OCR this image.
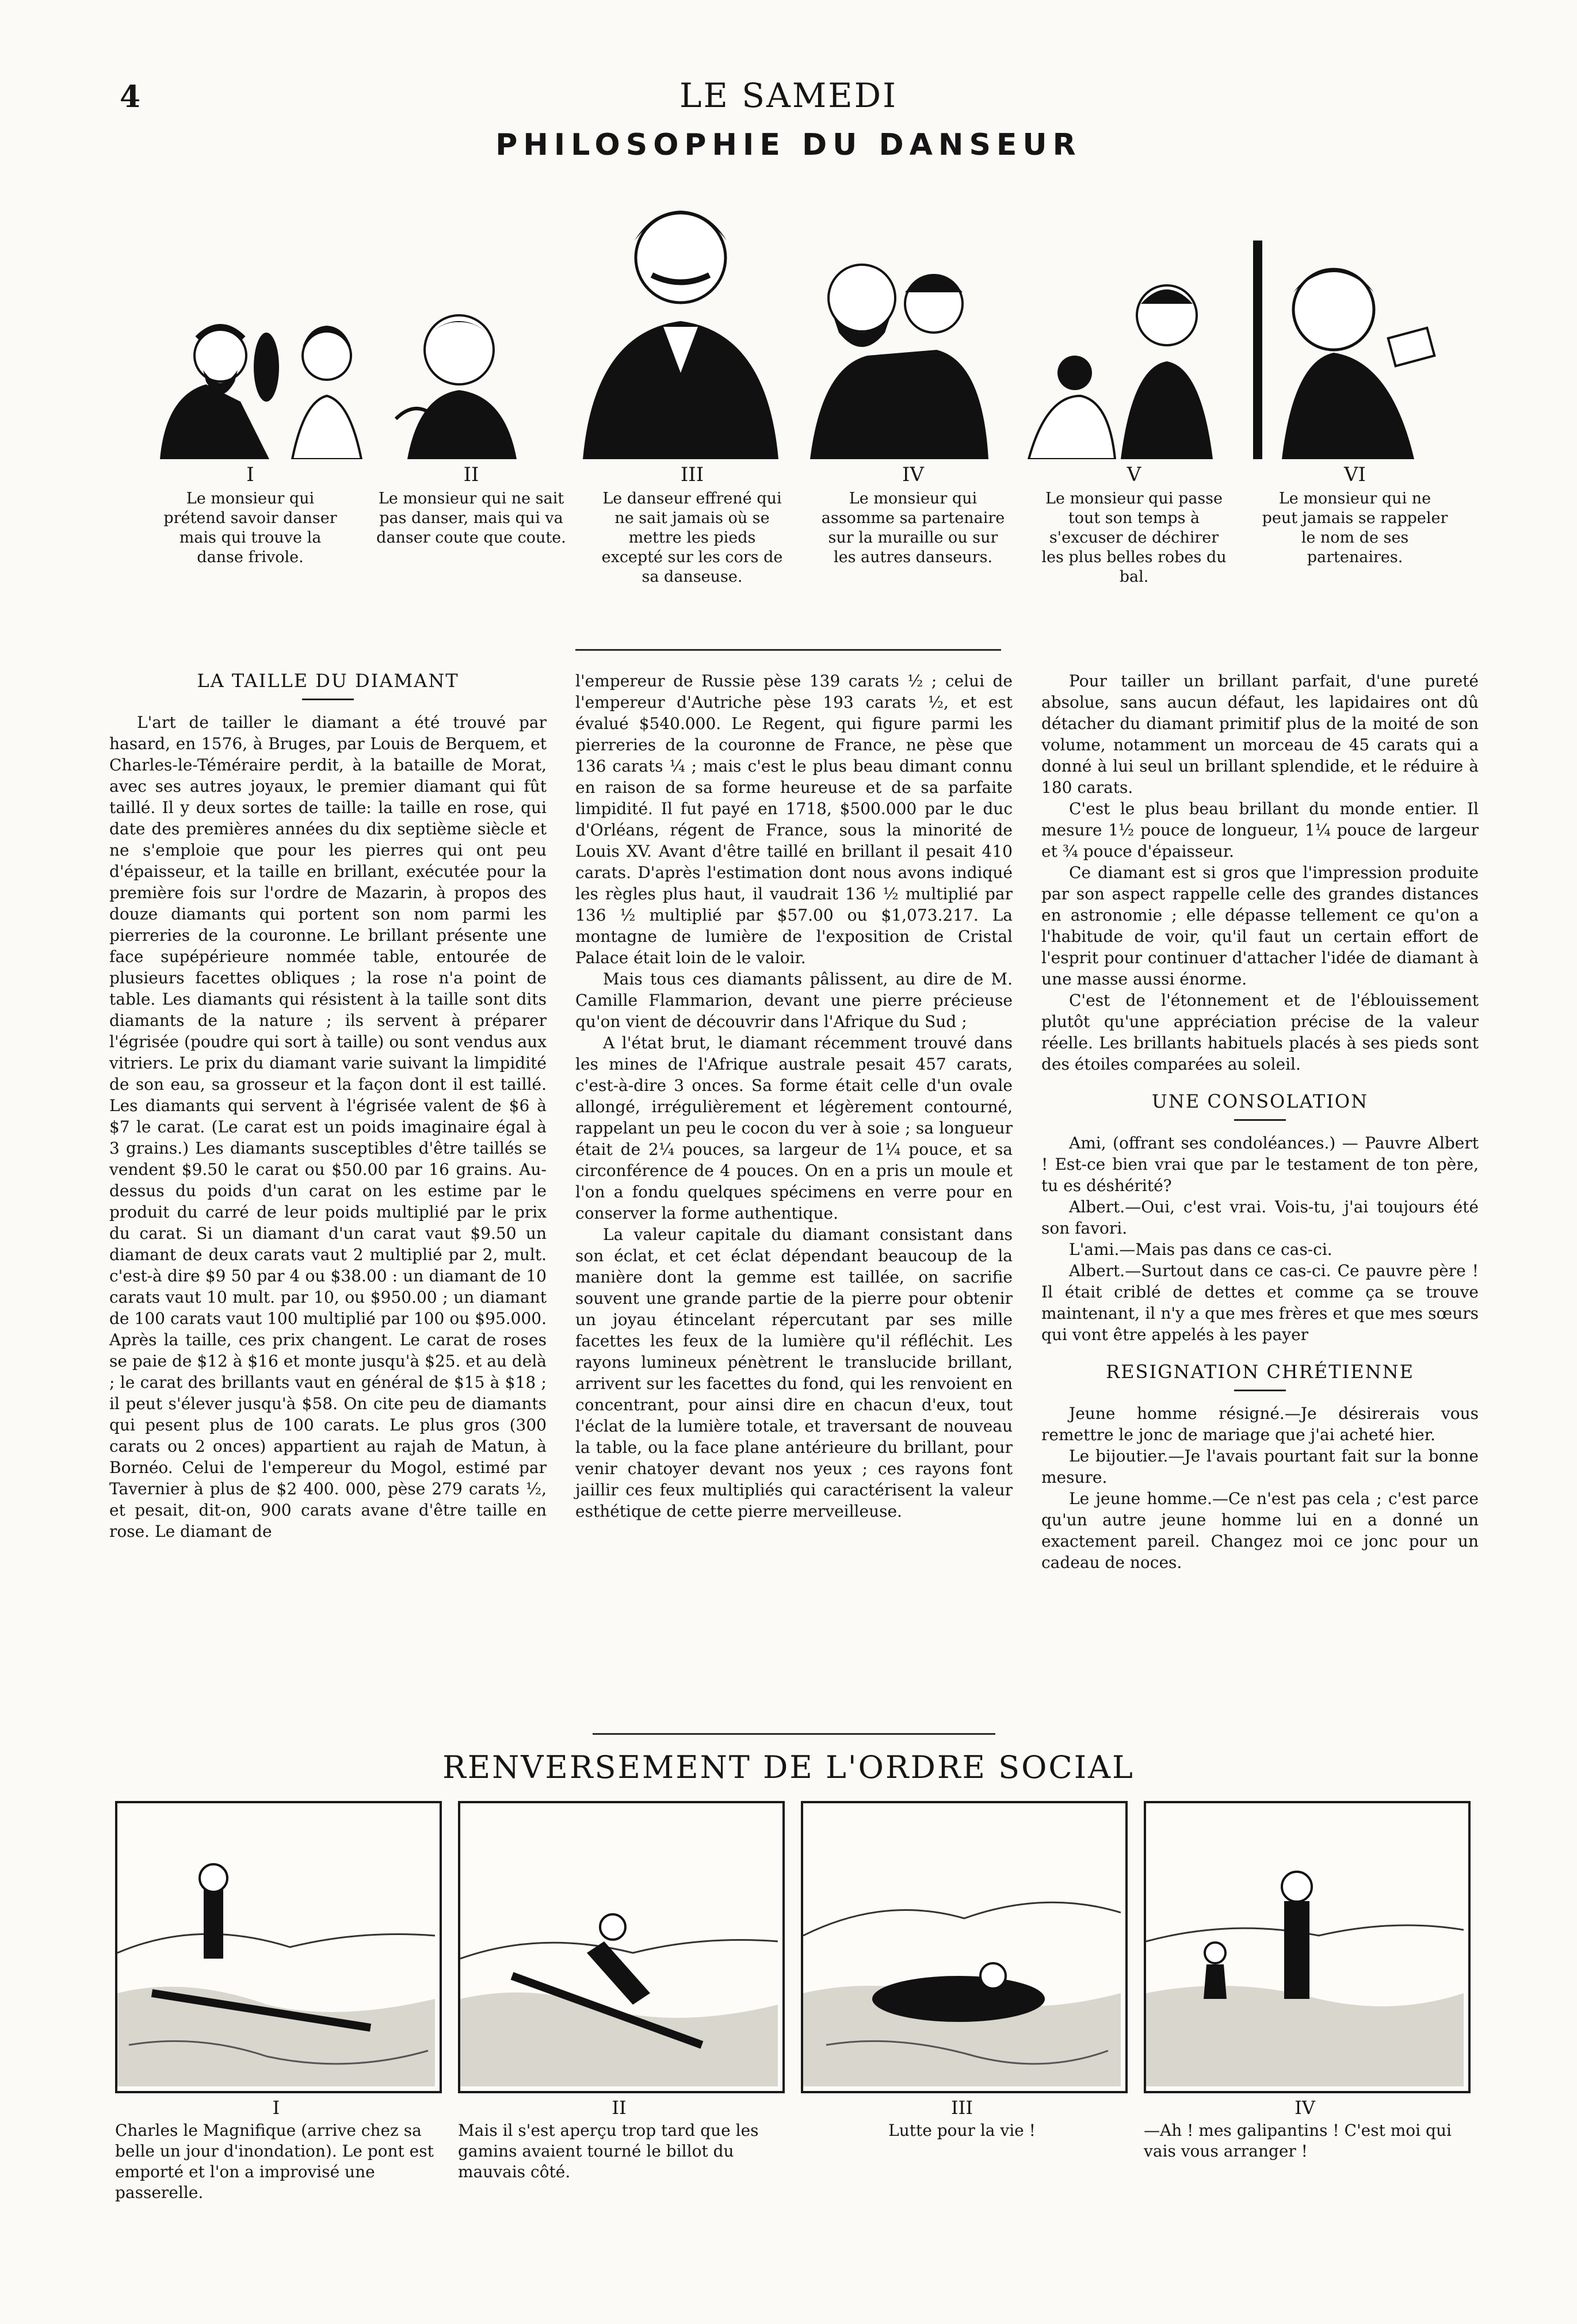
4	LE SAMEDI
PHILOSOPHIE DU DANSEUR
I
Le monsieur qui prétend savoir danser mais qui trouve la danse frivole.
II
Le monsieur qui ne sait pas danser, mais qui va danser coute que coute.
III
Le danseur effrené qui ne sait jamais où se mettre les pieds excepté sur les cors de sa danseuse.
IV
Le monsieur qui assomme sa partenaire sur la muraille ou sur les autres danseurs.
V
Le monsieur qui passe tout son temps à s'excuser de déchirer les plus belles robes du bal.
VI
Le monsieur qui ne peut jamais se rappeler le nom de ses partenaires.
LA TAILLE DU DIAMANT

L'art de tailler le diamant a été trouvé par hasard, en 1576, à Bruges, par Louis de Berquem, et Charles-le-Téméraire perdit, à la bataille de Morat, avec ses autres joyaux, le premier diamant qui fût taillé. Il y deux sortes de taille: la taille en rose, qui date des premières années du dix septième siècle et ne s'emploie que pour les pierres qui ont peu d'épaisseur, et la taille en brillant, exécutée pour la première fois sur l'ordre de Mazarin, à propos des douze diamants qui portent son nom parmi les pierreries de la couronne. Le brillant présente une face supépérieure nommée table, entourée de plusieurs facettes obliques ; la rose n'a point de table. Les diamants qui résistent à la taille sont dits diamants de la nature ; ils servent à préparer l'égrisée (poudre qui sort à taille) ou sont vendus aux vitriers. Le prix du diamant varie suivant la limpidité de son eau, sa grosseur et la façon dont il est taillé. Les diamants qui servent à l'égrisée valent de $6 à $7 le carat. (Le carat est un poids imaginaire égal à 3 grains.) Les diamants susceptibles d'être taillés se vendent $9.50 le carat ou $50.00 par 16 grains. Au-dessus du poids d'un carat on les estime par le produit du carré de leur poids multiplié par le prix du carat. Si un diamant d'un carat vaut $9.50 un diamant de deux carats vaut 2 multiplié par 2, mult. c'est-à dire $9 50 par 4 ou $38.00 : un diamant de 10 carats vaut 10 mult. par 10, ou $950.00 ; un diamant de 100 carats vaut 100 multiplié par 100 ou $95.000. Après la taille, ces prix changent. Le carat de roses se paie de $12 à $16 et monte jusqu'à $25. et au delà ; le carat des brillants vaut en général de $15 à $18 ; il peut s'élever jusqu'à $58. On cite peu de diamants qui pesent plus de 100 carats. Le plus gros (300 carats ou 2 onces) appartient au rajah de Matun, à Bornéo. Celui de l'empereur du Mogol, estimé par Tavernier à plus de $2 400. 000, pèse 279 carats ½, et pesait, dit-on, 900 carats avane d'être taille en rose. Le diamant de

l'empereur de Russie pèse 139 carats ½ ; celui de l'empereur d'Autriche pèse 193 carats ½, et est évalué $540.000. Le Regent, qui figure parmi les pierreries de la couronne de France, ne pèse que 136 carats ¼ ; mais c'est le plus beau dimant connu en raison de sa forme heureuse et de sa parfaite limpidité. Il fut payé en 1718, $500.000 par le duc d'Orléans, régent de France, sous la minorité de Louis XV. Avant d'être taillé en brillant il pesait 410 carats. D'après l'estimation dont nous avons indiqué les règles plus haut, il vaudrait 136 ½ multiplié par 136 ½ multiplié par $57.00 ou $1,073.217. La montagne de lumière de l'exposition de Cristal Palace était loin de le valoir.

Mais tous ces diamants pâlissent, au dire de M. Camille Flammarion, devant une pierre précieuse qu'on vient de découvrir dans l'Afrique du Sud ;

A l'état brut, le diamant récemment trouvé dans les mines de l'Afrique australe pesait 457 carats, c'est-à-dire 3 onces. Sa forme était celle d'un ovale allongé, irrégulièrement et légèrement contourné, rappelant un peu le cocon du ver à soie ; sa longueur était de 2¼ pouces, sa largeur de 1¼ pouce, et sa circonférence de 4 pouces. On en a pris un moule et l'on a fondu quelques spécimens en verre pour en conserver la forme authentique.

La valeur capitale du diamant consistant dans son éclat, et cet éclat dépendant beaucoup de la manière dont la gemme est taillée, on sacrifie souvent une grande partie de la pierre pour obtenir un joyau étincelant répercutant par ses mille facettes les feux de la lumière qu'il réfléchit. Les rayons lumineux pénètrent le translucide brillant, arrivent sur les facettes du fond, qui les renvoient en concentrant, pour ainsi dire en chacun d'eux, tout l'éclat de la lumière totale, et traversant de nouveau la table, ou la face plane antérieure du brillant, pour venir chatoyer devant nos yeux ; ces rayons font jaillir ces feux multipliés qui caractérisent la valeur esthétique de cette pierre merveilleuse.

Pour tailler un brillant parfait, d'une pureté absolue, sans aucun défaut, les lapidaires ont dû détacher du diamant primitif plus de la moité de son volume, notamment un morceau de 45 carats qui a donné à lui seul un brillant splendide, et le réduire à 180 carats.

C'est le plus beau brillant du monde entier. Il mesure 1½ pouce de longueur, 1¼ pouce de largeur et ¾ pouce d'épaisseur.

Ce diamant est si gros que l'impression produite par son aspect rappelle celle des grandes distances en astronomie ; elle dépasse tellement ce qu'on a l'habitude de voir, qu'il faut un certain effort de l'esprit pour continuer d'attacher l'idée de diamant à une masse aussi énorme.

C'est de l'étonnement et de l'éblouissement plutôt qu'une appréciation précise de la valeur réelle. Les brillants habituels placés à ses pieds sont des étoiles comparées au soleil.

UNE CONSOLATION

Ami, (offrant ses condoléances.) — Pauvre Albert ! Est-ce bien vrai que par le testament de ton père, tu es déshérité?

Albert.—Oui, c'est vrai. Vois-tu, j'ai toujours été son favori.

L'ami.—Mais pas dans ce cas-ci.

Albert.—Surtout dans ce cas-ci. Ce pauvre père ! Il était criblé de dettes et comme ça se trouve maintenant, il n'y a que mes frères et que mes sœurs qui vont être appelés à les payer

RESIGNATION CHRÉTIENNE

Jeune homme résigné.—Je désirerais vous remettre le jonc de mariage que j'ai acheté hier.

Le bijoutier.—Je l'avais pourtant fait sur la bonne mesure.

Le jeune homme.—Ce n'est pas cela ; c'est parce qu'un autre jeune homme lui en a donné un exactement pareil. Changez moi ce jonc pour un cadeau de noces.

RENVERSEMENT DE L'ORDRE SOCIAL
I
Charles le Magnifique (arrive chez sa belle un jour d'inondation). Le pont est emporté et l'on a improvisé une passerelle.
II
Mais il s'est aperçu trop tard que les gamins avaient tourné le billot du mauvais côté.
III
Lutte pour la vie !
IV
—Ah ! mes galipantins ! C'est moi qui vais vous arranger !
